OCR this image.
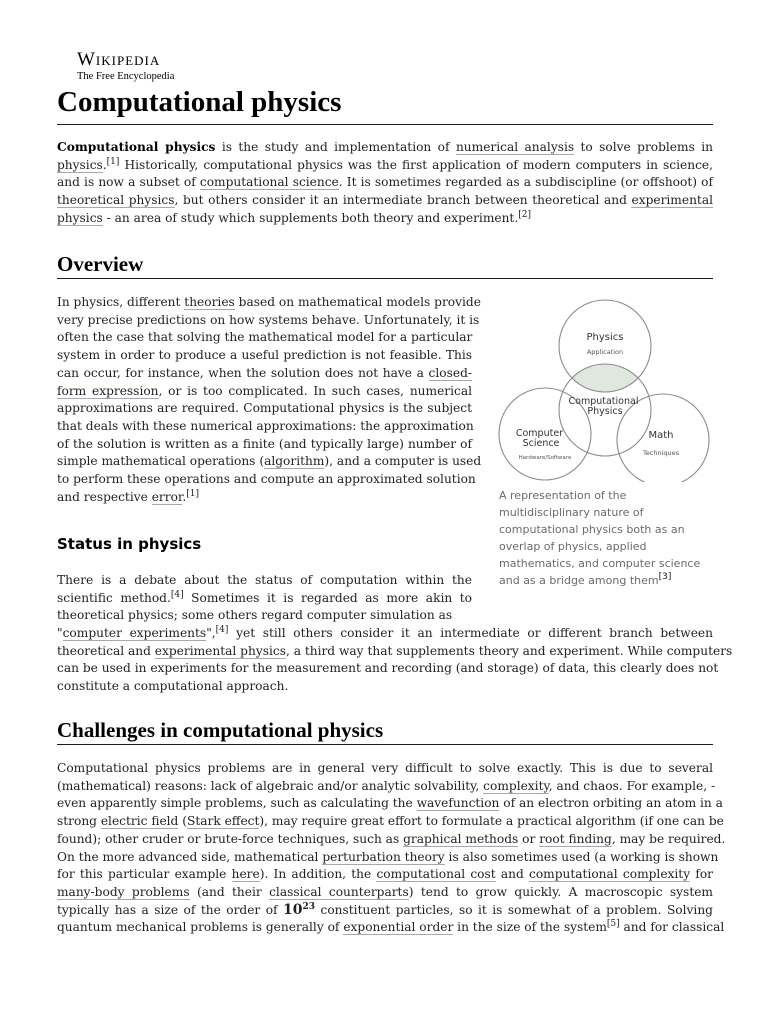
Wikipedia
The Free Encyclopedia
Computational physics
Computational physics is the study and implementation of numerical analysis to solve problems in
physics.[1] Historically, computational physics was the first application of modern computers in science,
and is now a subset of computational science. It is sometimes regarded as a subdiscipline (or offshoot) of
theoretical physics, but others consider it an intermediate branch between theoretical and experimental
physics - an area of study which supplements both theory and experiment.[2]
Overview
In physics, different theories based on mathematical models provide
very precise predictions on how systems behave. Unfortunately, it is
often the case that solving the mathematical model for a particular
system in order to produce a useful prediction is not feasible. This
can occur, for instance, when the solution does not have a closed-
form expression, or is too complicated. In such cases, numerical
approximations are required. Computational physics is the subject
that deals with these numerical approximations: the approximation
of the solution is written as a finite (and typically large) number of
simple mathematical operations (algorithm), and a computer is used
to perform these operations and compute an approximated solution
and respective error.[1]
Physics
Application
Computational Physics
Computer Science
Hardware/Software
Math
Techniques
A representation of the multidisciplinary nature of computational physics both as an overlap of physics, applied mathematics, and computer science and as a bridge among them[3]
Status in physics
There is a debate about the status of computation within the
scientific method.[4] Sometimes it is regarded as more akin to
theoretical physics; some others regard computer simulation as
"computer experiments",[4] yet still others consider it an intermediate or different branch between
theoretical and experimental physics, a third way that supplements theory and experiment. While computers
can be used in experiments for the measurement and recording (and storage) of data, this clearly does not
constitute a computational approach.
Challenges in computational physics
Computational physics problems are in general very difficult to solve exactly. This is due to several
(mathematical) reasons: lack of algebraic and/or analytic solvability, complexity, and chaos. For example, -
even apparently simple problems, such as calculating the wavefunction of an electron orbiting an atom in a
strong electric field (Stark effect), may require great effort to formulate a practical algorithm (if one can be
found); other cruder or brute-force techniques, such as graphical methods or root finding, may be required.
On the more advanced side, mathematical perturbation theory is also sometimes used (a working is shown
for this particular example here). In addition, the computational cost and computational complexity for
many-body problems (and their classical counterparts) tend to grow quickly. A macroscopic system
typically has a size of the order of $10^{23}$ constituent particles, so it is somewhat of a problem. Solving
quantum mechanical problems is generally of exponential order in the size of the system[5] and for classical
